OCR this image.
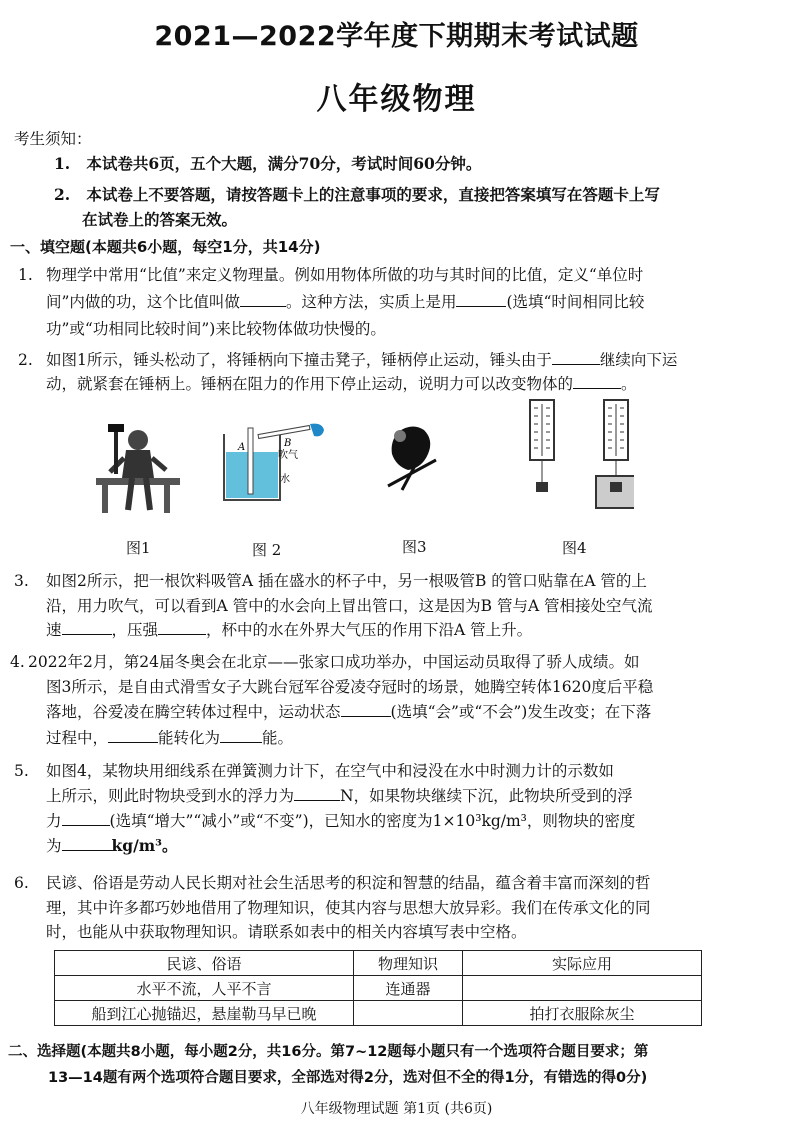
2021—2022学年度下期期末考试试题
八年级物理
考生须知：
1. 本试卷共6页，五个大题，满分70分，考试时间60分钟。
2. 本试卷上不要答题，请按答题卡上的注意事项的要求，直接把答案填写在答题卡上写
在试卷上的答案无效。
一、填空题(本题共6小题，每空1分，共14分)
1. 物理学中常用“比值”来定义物理量。例如用物体所做的功与其时间的比值，定义“单位时
间”内做的功，这个比值叫做	。这种方法，实质上是用	(选填“时间相同比较
功”或“功相同比较时间”)来比较物体做功快慢的。
2. 如图1所示，锤头松动了，将锤柄向下撞击凳子，锤柄停止运动，锤头由于	继续向下运
动，就紧套在锤柄上。锤柄在阻力的作用下停止运动，说明力可以改变物体的	。
A	B
吹气
水
图1	图 2	图3	图4
3. 如图2所示，把一根饮料吸管A 插在盛水的杯子中，另一根吸管B 的管口贴靠在A 管的上
沿，用力吹气，可以看到A 管中的水会向上冒出管口，这是因为B 管与A 管相接处空气流
速	，压强	，杯中的水在外界大气压的作用下沿A 管上升。
4. 2022年2月，第24届冬奥会在北京——张家口成功举办，中国运动员取得了骄人成绩。如
图3所示，是自由式滑雪女子大跳台冠军谷爱凌夺冠时的场景，她腾空转体1620度后平稳
落地，谷爱凌在腾空转体过程中，运动状态	(选填“会”或“不会”)发生改变；在下落
过程中，	能转化为	能。
5. 如图4，某物块用细线系在弹簧测力计下，在空气中和浸没在水中时测力计的示数如
上所示，则此时物块受到水的浮力为	N，如果物块继续下沉，此物块所受到的浮
力	(选填“增大”“减小”或“不变”)，已知水的密度为1×10³kg/m³，则物块的密度
为	kg/m³。
6. 民谚、俗语是劳动人民长期对社会生活思考的积淀和智慧的结晶，蕴含着丰富而深刻的哲
理，其中许多都巧妙地借用了物理知识，使其内容与思想大放异彩。我们在传承文化的同
时，也能从中获取物理知识。请联系如表中的相关内容填写表中空格。
民谚、俗语	物理知识	实际应用
水平不流，人平不言	连通器	
船到江心抛锚迟，悬崖勒马早已晚		拍打衣服除灰尘
二、选择题(本题共8小题，每小题2分，共16分。第7~12题每小题只有一个选项符合题目要求；第
13—14题有两个选项符合题目要求，全部选对得2分，选对但不全的得1分，有错选的得0分)
八年级物理试题 第1页 (共6页)
